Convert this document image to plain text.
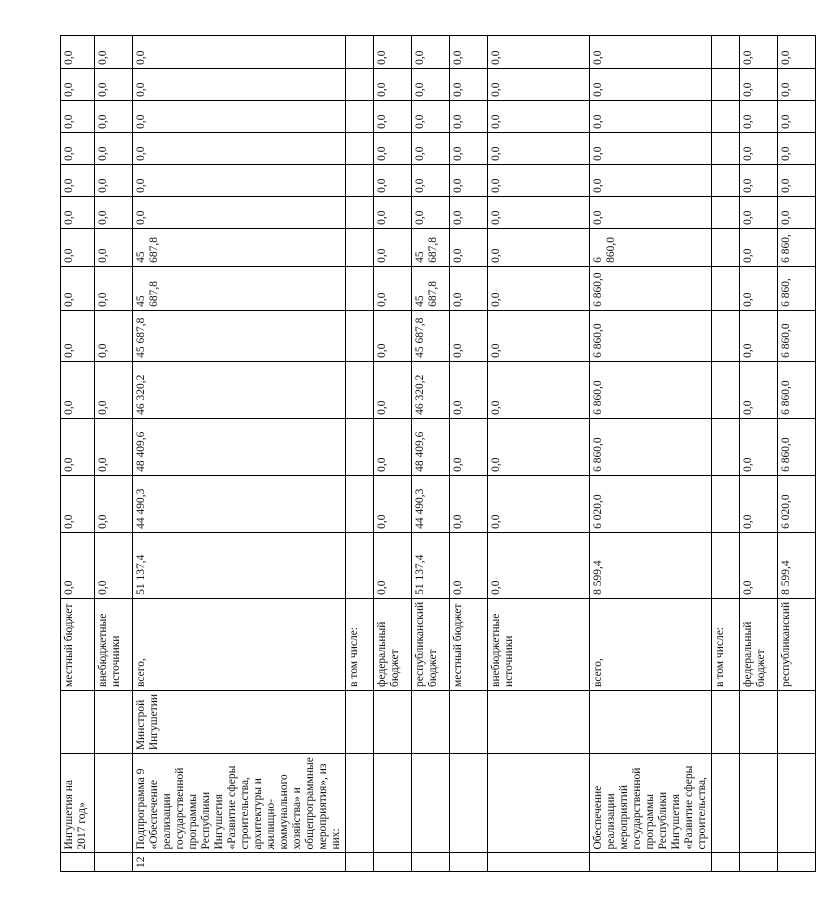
	Ингушетия на 2017 год»		местный бюджет	0,0	0,0	0,0	0,0	0,0	0,0	0,0	0,0	0,0	0,0	0,0	0,0	0,0
			внебюджетные источники	0,0	0,0	0,0	0,0	0,0	0,0	0,0	0,0	0,0	0,0	0,0	0,0	0,0
12	Подпрограмма 9 «Обеспечение реализации государственной программы Республики Ингушетия «Развитие сферы строительства, архитектуры и жилищно-коммунального хозяйства» и общепрограммные мероприятия», из них:	Минстрой Ингушетии	всего,	51 137,4	44 490,3	48 409,6	46 320,2	45 687,8	45 687,8	45 687,8	0,0	0,0	0,0	0,0	0,0	0,0
			в том числе:													
			федеральный бюджет	0,0	0,0	0,0	0,0	0,0	0,0	0,0	0,0	0,0	0,0	0,0	0,0	0,0
			республиканский бюджет	51 137,4	44 490,3	48 409,6	46 320,2	45 687,8	45 687,8	45 687,8	0,0	0,0	0,0	0,0	0,0	0,0
			местный бюджет	0,0	0,0	0,0	0,0	0,0	0,0	0,0	0,0	0,0	0,0	0,0	0,0	0,0
			внебюджетные источники	0,0	0,0	0,0	0,0	0,0	0,0	0,0	0,0	0,0	0,0	0,0	0,0	0,0
	Обеспечение реализации мероприятий государственной программы Республики Ингушетия «Развитие сферы строительства,		всего,	8 599,4	6 020,0	6 860,0	6 860,0	6 860,0	6 860,0	6 860,0	0,0	0,0	0,0	0,0	0,0	0,0
			в том числе:													
			федеральный бюджет	0,0	0,0	0,0	0,0	0,0	0,0	0,0	0,0	0,0	0,0	0,0	0,0	0,0
			республиканский	8 599,4	6 020,0	6 860,0	6 860,0	6 860,0	6 860,	6 860,	0,0	0,0	0,0	0,0	0,0	0,0
